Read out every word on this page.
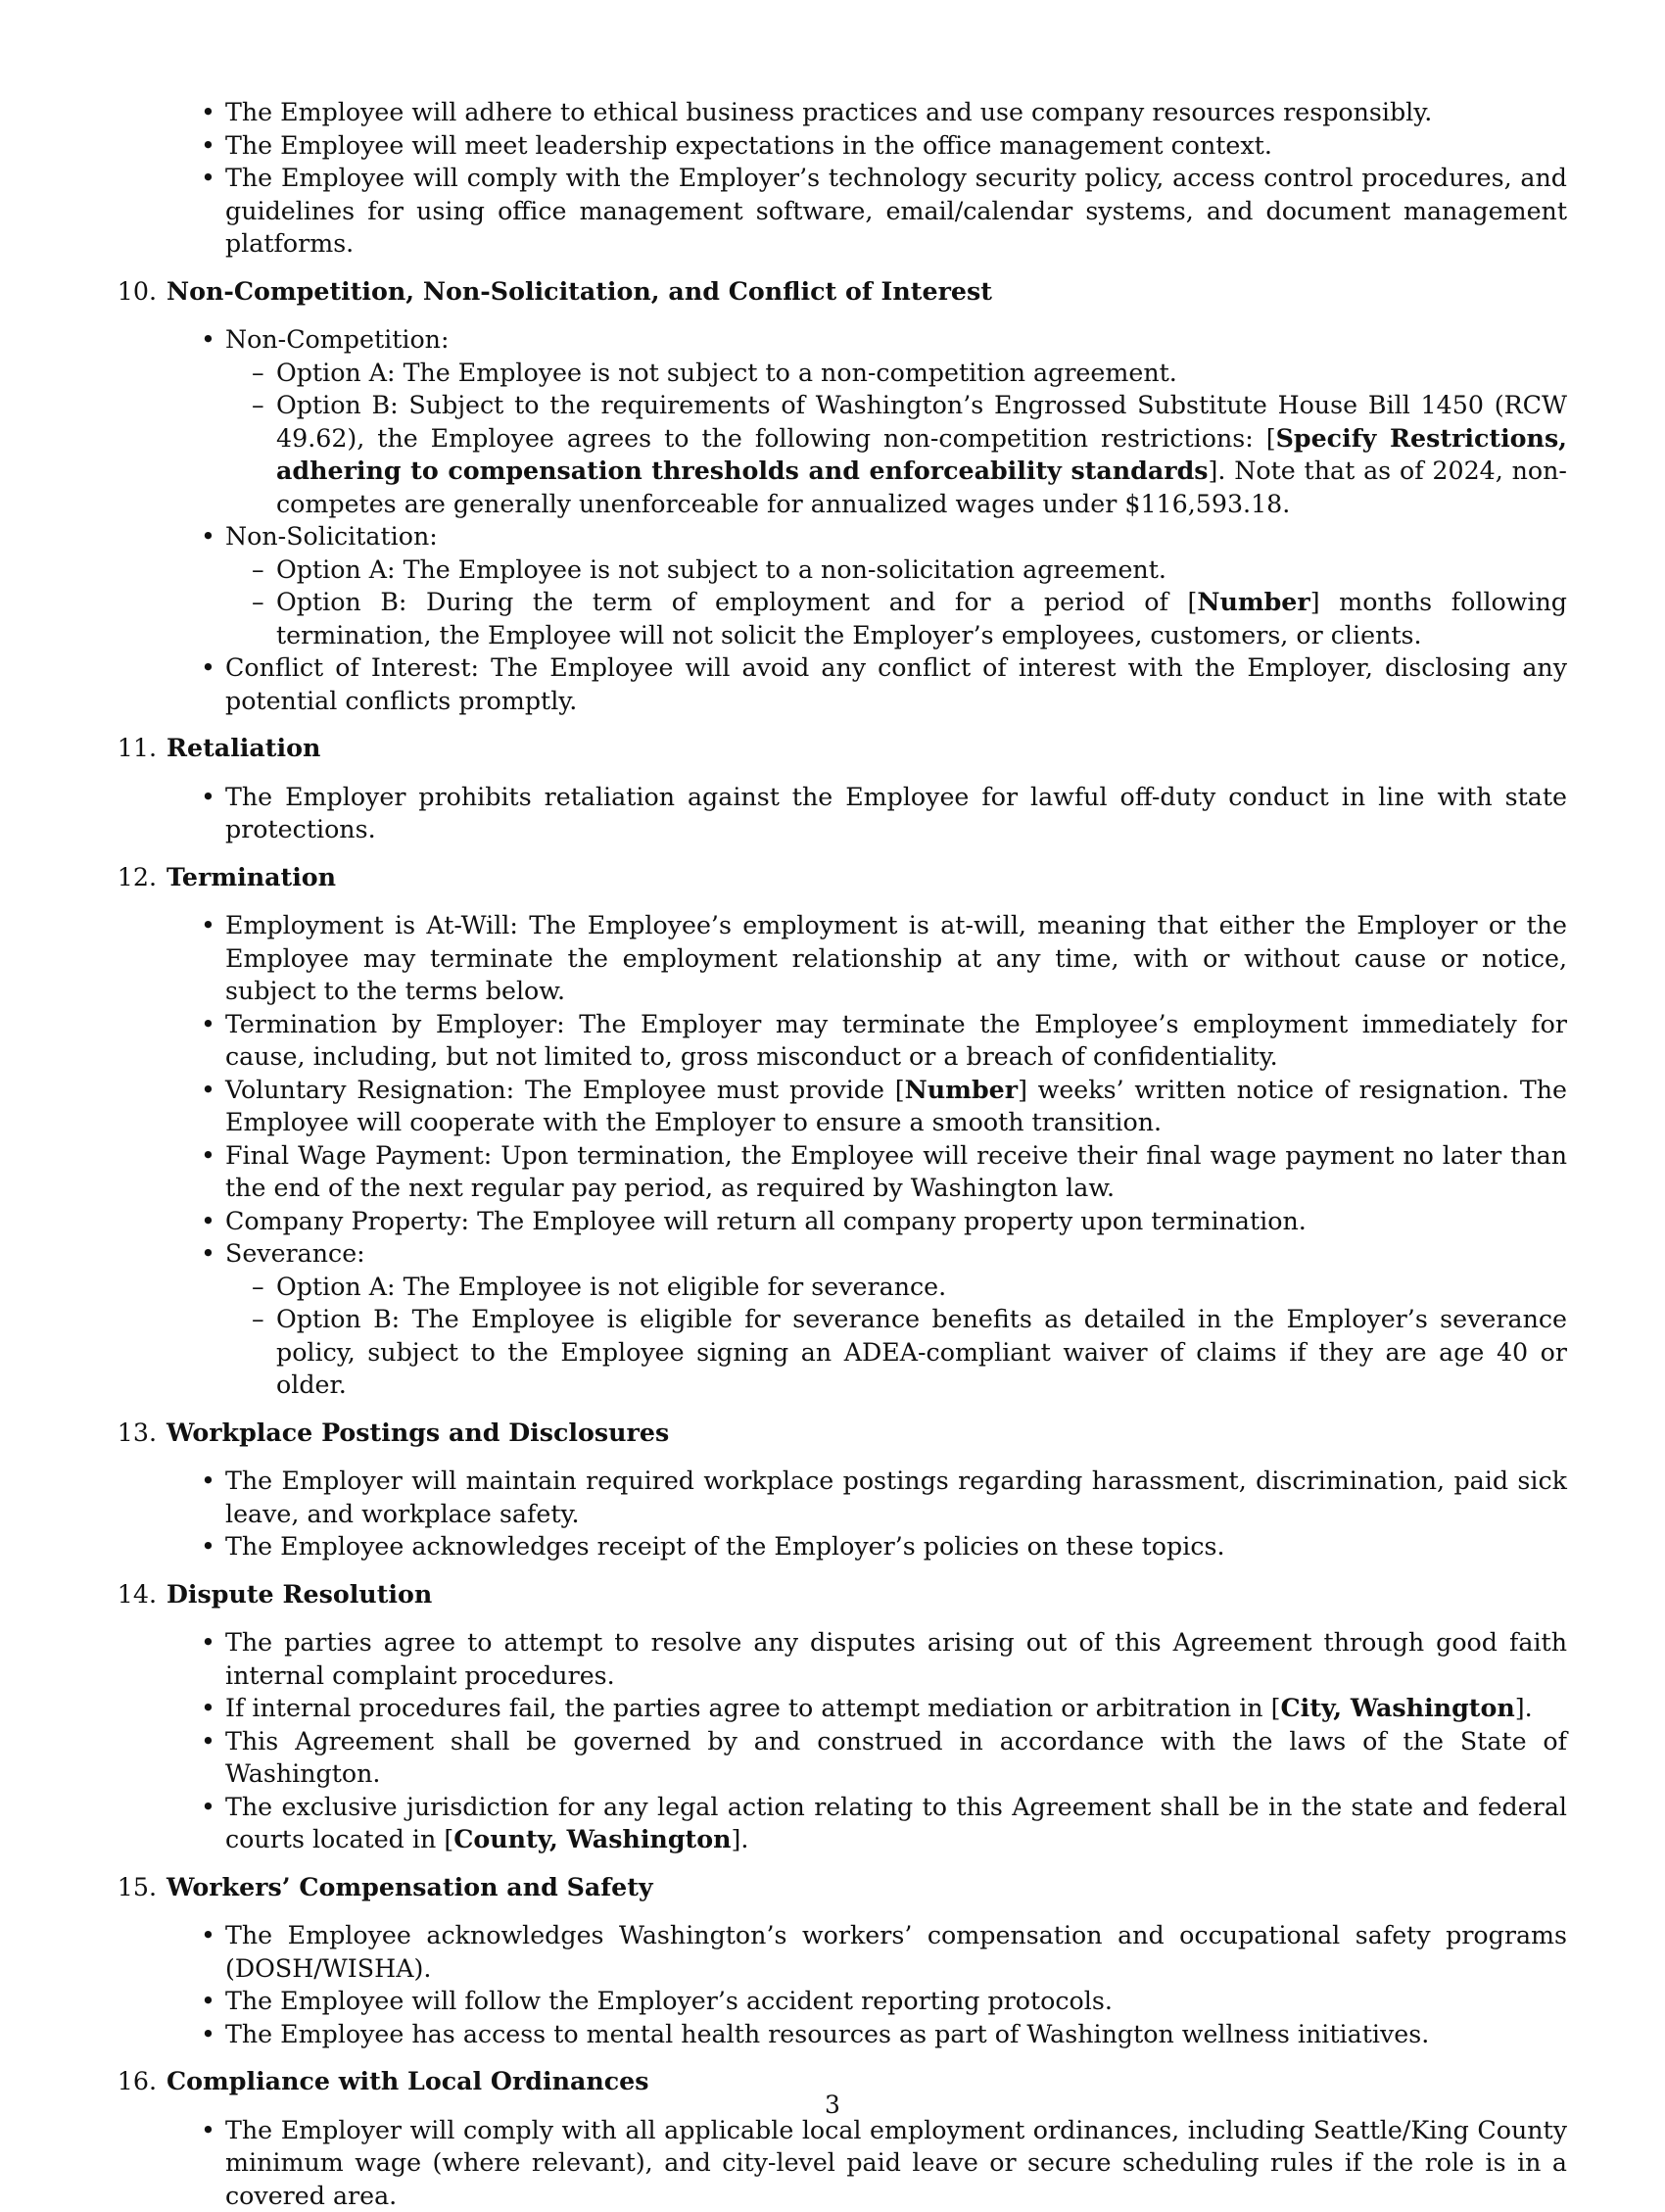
• The Employee will adhere to ethical business practices and use company resources responsibly.
• The Employee will meet leadership expectations in the office management context.
• The Employee will comply with the Employer’s technology security policy, access control procedures, and guidelines for using office management software, email/calendar systems, and document management platforms.
10. Non-Competition, Non-Solicitation, and Conflict of Interest
• Non-Competition:
– Option A: The Employee is not subject to a non-competition agreement.
– Option B: Subject to the requirements of Washington’s Engrossed Substitute House Bill 1450 (RCW 49.62), the Employee agrees to the following non-competition restrictions: [Specify Restrictions, adhering to compensation thresholds and enforceability standards]. Note that as of 2024, non-competes are generally unenforceable for annualized wages under $116,593.18.
• Non-Solicitation:
– Option A: The Employee is not subject to a non-solicitation agreement.
– Option B: During the term of employment and for a period of [Number] months following termination, the Employee will not solicit the Employer’s employees, customers, or clients.
• Conflict of Interest: The Employee will avoid any conflict of interest with the Employer, disclosing any potential conflicts promptly.
11. Retaliation
• The Employer prohibits retaliation against the Employee for lawful off-duty conduct in line with state protections.
12. Termination
• Employment is At-Will: The Employee’s employment is at-will, meaning that either the Employer or the Employee may terminate the employment relationship at any time, with or without cause or notice, subject to the terms below.
• Termination by Employer: The Employer may terminate the Employee’s employment immediately for cause, including, but not limited to, gross misconduct or a breach of confidentiality.
• Voluntary Resignation: The Employee must provide [Number] weeks’ written notice of resignation. The Employee will cooperate with the Employer to ensure a smooth transition.
• Final Wage Payment: Upon termination, the Employee will receive their final wage payment no later than the end of the next regular pay period, as required by Washington law.
• Company Property: The Employee will return all company property upon termination.
• Severance:
– Option A: The Employee is not eligible for severance.
– Option B: The Employee is eligible for severance benefits as detailed in the Employer’s severance policy, subject to the Employee signing an ADEA-compliant waiver of claims if they are age 40 or older.
13. Workplace Postings and Disclosures
• The Employer will maintain required workplace postings regarding harassment, discrimination, paid sick leave, and workplace safety.
• The Employee acknowledges receipt of the Employer’s policies on these topics.
14. Dispute Resolution
• The parties agree to attempt to resolve any disputes arising out of this Agreement through good faith internal complaint procedures.
• If internal procedures fail, the parties agree to attempt mediation or arbitration in [City, Washington].
• This Agreement shall be governed by and construed in accordance with the laws of the State of Washington.
• The exclusive jurisdiction for any legal action relating to this Agreement shall be in the state and federal courts located in [County, Washington].
15. Workers’ Compensation and Safety
• The Employee acknowledges Washington’s workers’ compensation and occupational safety programs (DOSH/WISHA).
• The Employee will follow the Employer’s accident reporting protocols.
• The Employee has access to mental health resources as part of Washington wellness initiatives.
16. Compliance with Local Ordinances
• The Employer will comply with all applicable local employment ordinances, including Seattle/King County minimum wage (where relevant), and city-level paid leave or secure scheduling rules if the role is in a covered area.
3
